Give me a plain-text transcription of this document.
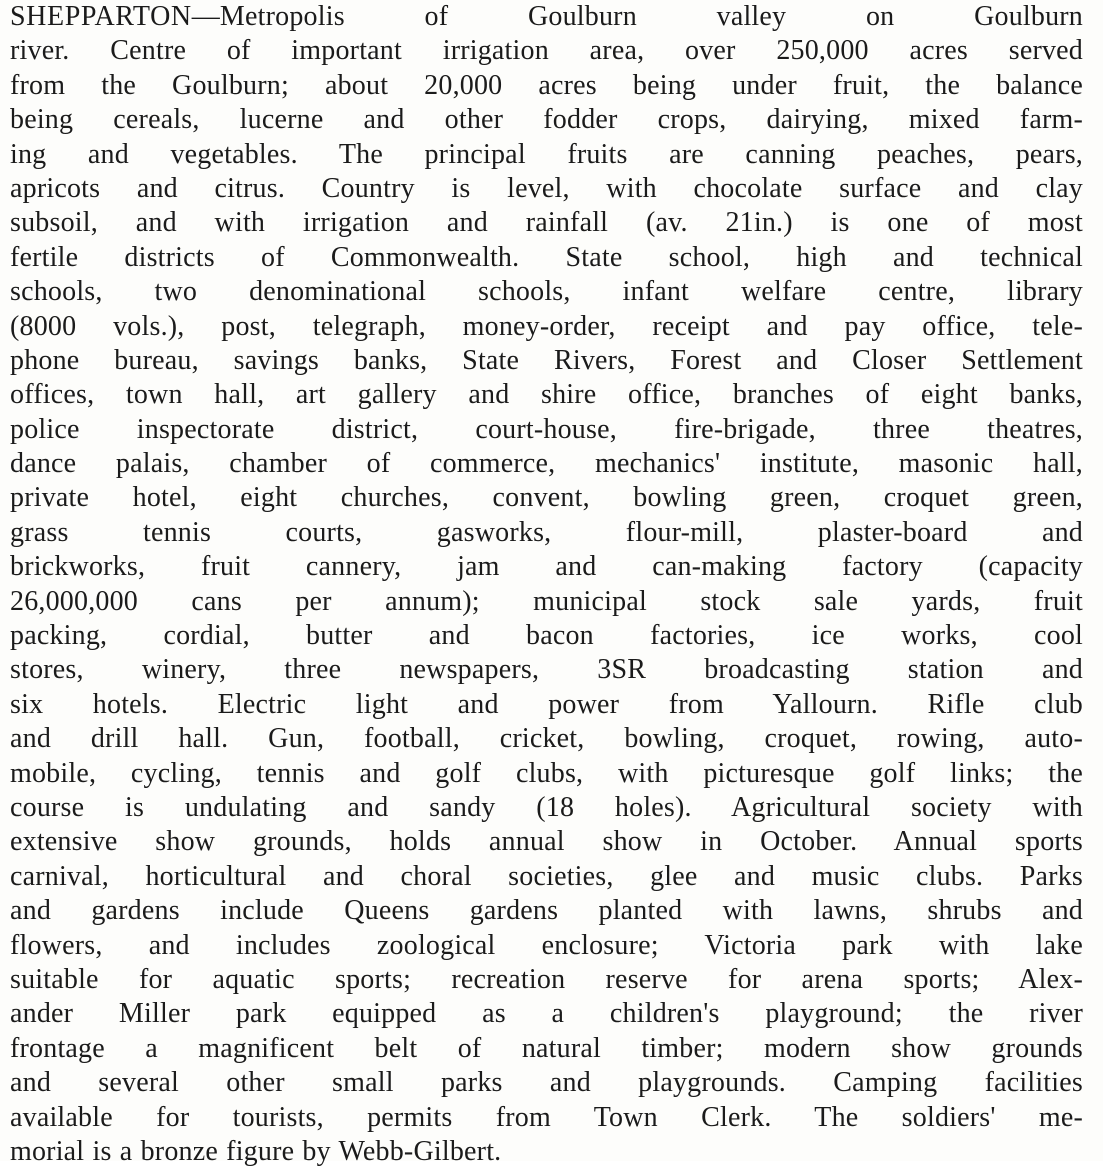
SHEPPARTON—Metropolis of Goulburn valley on Goulburn
river. Centre of important irrigation area, over 250,000 acres served
from the Goulburn; about 20,000 acres being under fruit, the balance
being cereals, lucerne and other fodder crops, dairying, mixed farm-
ing and vegetables. The principal fruits are canning peaches, pears,
apricots and citrus. Country is level, with chocolate surface and clay
subsoil, and with irrigation and rainfall (av. 21in.) is one of most
fertile districts of Commonwealth. State school, high and technical
schools, two denominational schools, infant welfare centre, library
(8000 vols.), post, telegraph, money-order, receipt and pay office, tele-
phone bureau, savings banks, State Rivers, Forest and Closer Settlement
offices, town hall, art gallery and shire office, branches of eight banks,
police inspectorate district, court-house, fire-brigade, three theatres,
dance palais, chamber of commerce, mechanics' institute, masonic hall,
private hotel, eight churches, convent, bowling green, croquet green,
grass tennis courts, gasworks, flour-mill, plaster-board and
brickworks, fruit cannery, jam and can-making factory (capacity
26,000,000 cans per annum); municipal stock sale yards, fruit
packing, cordial, butter and bacon factories, ice works, cool
stores, winery, three newspapers, 3SR broadcasting station and
six hotels. Electric light and power from Yallourn. Rifle club
and drill hall. Gun, football, cricket, bowling, croquet, rowing, auto-
mobile, cycling, tennis and golf clubs, with picturesque golf links; the
course is undulating and sandy (18 holes). Agricultural society with
extensive show grounds, holds annual show in October. Annual sports
carnival, horticultural and choral societies, glee and music clubs. Parks
and gardens include Queens gardens planted with lawns, shrubs and
flowers, and includes zoological enclosure; Victoria park with lake
suitable for aquatic sports; recreation reserve for arena sports; Alex-
ander Miller park equipped as a children's playground; the river
frontage a magnificent belt of natural timber; modern show grounds
and several other small parks and playgrounds. Camping facilities
available for tourists, permits from Town Clerk. The soldiers' me-
morial is a bronze figure by Webb-Gilbert.
